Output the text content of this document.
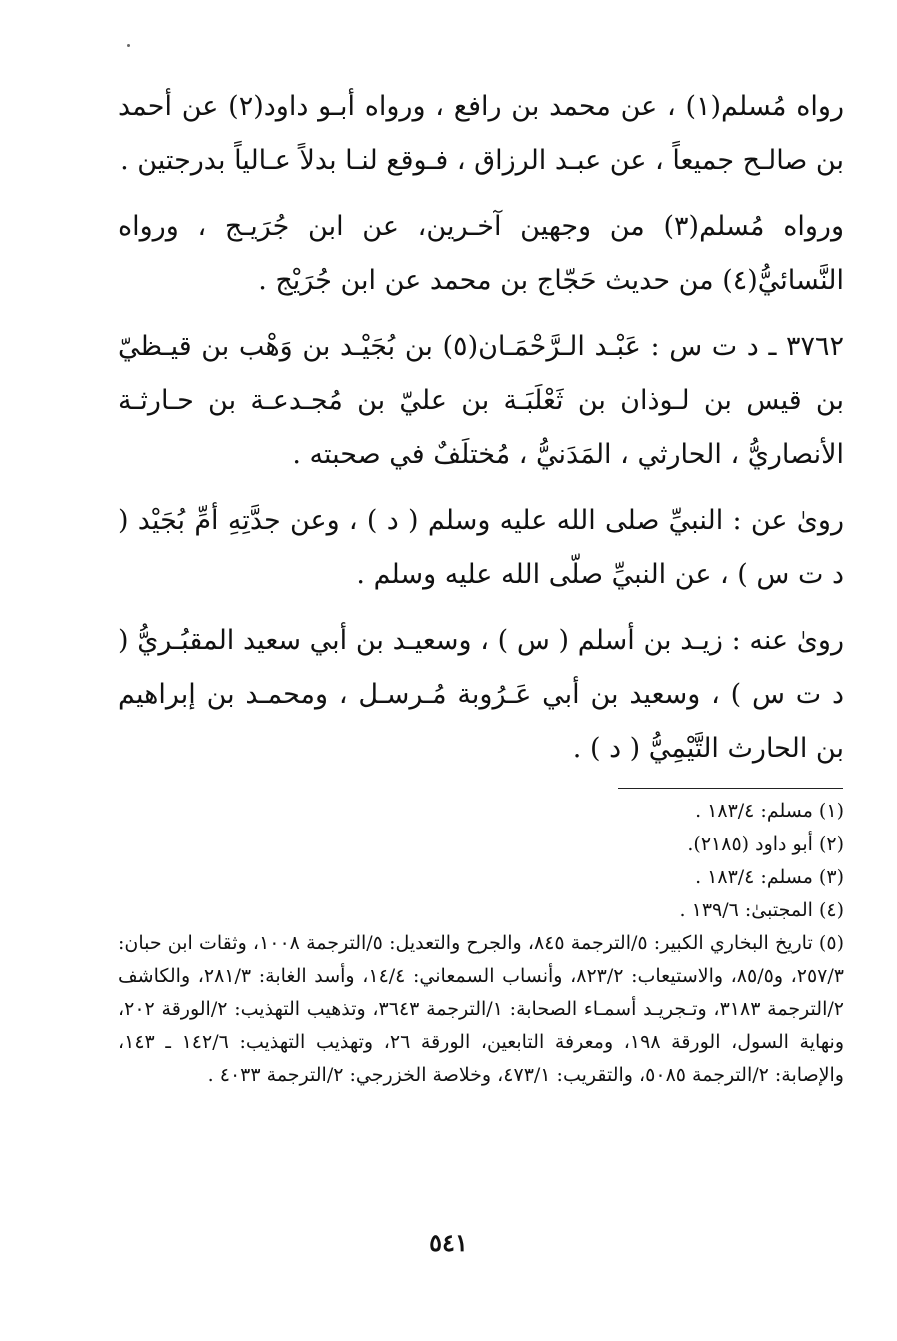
رواه مُسلم(١) ، عن محمد بن رافع ، ورواه أبـو داود(٢) عن أحمد بن صالـح جميعاً ، عن عبـد الرزاق ، فـوقع لنـا بدلاً عـالياً بدرجتين .

ورواه مُسلم(٣) من وجهين آخـرين، عن ابن جُرَيـج ، ورواه النَّسائيُّ(٤) من حديث حَجّاج بن محمد عن ابن جُرَيْج .

٣٧٦٢ ـ د ت س : عَبْـد الـرَّحْمَـان(٥) بن بُجَيْـد بن وَهْب بن قيـظيّ بن قيس بن لـوذان بن ثَعْلَبَـة بن عليّ بن مُجـدعـة بن حـارثـة الأنصاريُّ ، الحارثي ، المَدَنيُّ ، مُختلَفٌ في صحبته .

روىٰ عن : النبيِّ صلى الله عليه وسلم ( د ) ، وعن جدَّتِهِ أمِّ بُجَيْد ( د ت س ) ، عن النبيِّ صلّى الله عليه وسلم .

روىٰ عنه : زيـد بن أسلم ( س ) ، وسعيـد بن أبي سعيد المقبُـريُّ ( د ت س ) ، وسعيد بن أبي عَـرُوبة مُـرسـل ، ومحمـد بن إبراهيم بن الحارث التَّيْمِيُّ ( د ) .

(١) مسلم: ١٨٣/٤ .

(٢) أبو داود (٢١٨٥).

(٣) مسلم: ١٨٣/٤ .

(٤) المجتبىٰ: ١٣٩/٦ .

(٥) تاريخ البخاري الكبير: ٥/الترجمة ٨٤٥، والجرح والتعديل: ٥/الترجمة ١٠٠٨، وثقات ابن حبان: ٢٥٧/٣، و٨٥/٥، والاستيعاب: ٨٢٣/٢، وأنساب السمعاني: ١٤/٤، وأسد الغابة: ٢٨١/٣، والكاشف ٢/الترجمة ٣١٨٣، وتـجريـد أسمـاء الصحابة: ١/الترجمة ٣٦٤٣، وتذهيب التهذيب: ٢/الورقة ٢٠٢، ونهاية السول، الورقة ١٩٨، ومعرفة التابعين، الورقة ٢٦، وتهذيب التهذيب: ١٤٢/٦ ـ ١٤٣، والإصابة: ٢/الترجمة ٥٠٨٥، والتقريب: ٤٧٣/١، وخلاصة الخزرجي: ٢/الترجمة ٤٠٣٣ .

٥٤١
